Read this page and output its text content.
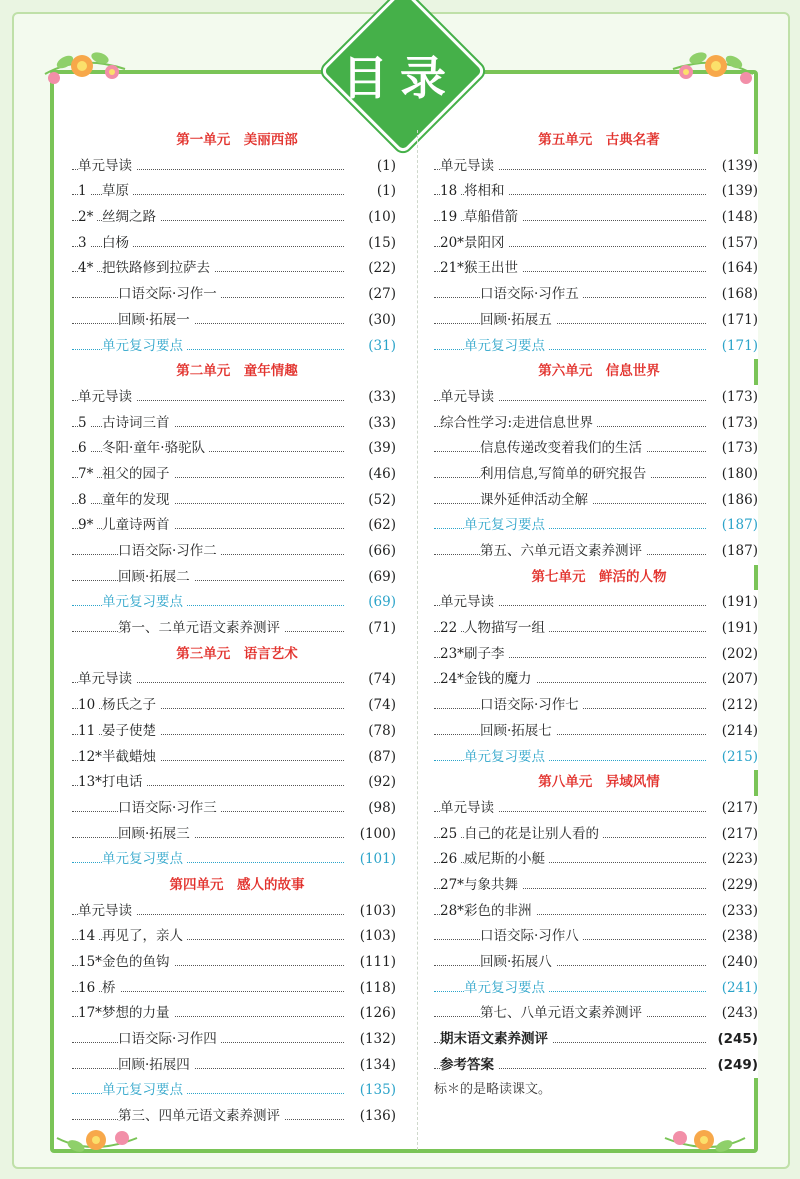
目录
第一单元　美丽西部
单元导读	(1)
1 草原	(1)
2* 丝绸之路	(10)
3 白杨	(15)
4* 把铁路修到拉萨去	(22)
口语交际·习作一	(27)
回顾·拓展一	(30)
单元复习要点	(31)
第二单元　童年情趣
单元导读	(33)
5 古诗词三首	(33)
6 冬阳·童年·骆驼队	(39)
7* 祖父的园子	(46)
8 童年的发现	(52)
9* 儿童诗两首	(62)
口语交际·习作二	(66)
回顾·拓展二	(69)
单元复习要点	(69)
第一、二单元语文素养测评	(71)
第三单元　语言艺术
单元导读	(74)
10 杨氏之子	(74)
11 晏子使楚	(78)
12* 半截蜡烛	(87)
13* 打电话	(92)
口语交际·习作三	(98)
回顾·拓展三	(100)
单元复习要点	(101)
第四单元　感人的故事
单元导读	(103)
14 再见了，亲人	(103)
15* 金色的鱼钩	(111)
16 桥	(118)
17* 梦想的力量	(126)
口语交际·习作四	(132)
回顾·拓展四	(134)
单元复习要点	(135)
第三、四单元语文素养测评	(136)
第五单元　古典名著
单元导读	(139)
18 将相和	(139)
19 草船借箭	(148)
20* 景阳冈	(157)
21* 猴王出世	(164)
口语交际·习作五	(168)
回顾·拓展五	(171)
单元复习要点	(171)
第六单元　信息世界
单元导读	(173)
综合性学习:走进信息世界	(173)
信息传递改变着我们的生活	(173)
利用信息,写简单的研究报告	(180)
课外延伸活动全解	(186)
单元复习要点	(187)
第五、六单元语文素养测评	(187)
第七单元　鲜活的人物
单元导读	(191)
22 人物描写一组	(191)
23* 刷子李	(202)
24* 金钱的魔力	(207)
口语交际·习作七	(212)
回顾·拓展七	(214)
单元复习要点	(215)
第八单元　异域风情
单元导读	(217)
25 自己的花是让别人看的	(217)
26 威尼斯的小艇	(223)
27* 与象共舞	(229)
28* 彩色的非洲	(233)
口语交际·习作八	(238)
回顾·拓展八	(240)
单元复习要点	(241)
第七、八单元语文素养测评	(243)
期末语文素养测评	(245)
参考答案	(249)
标＊的是略读课文。
